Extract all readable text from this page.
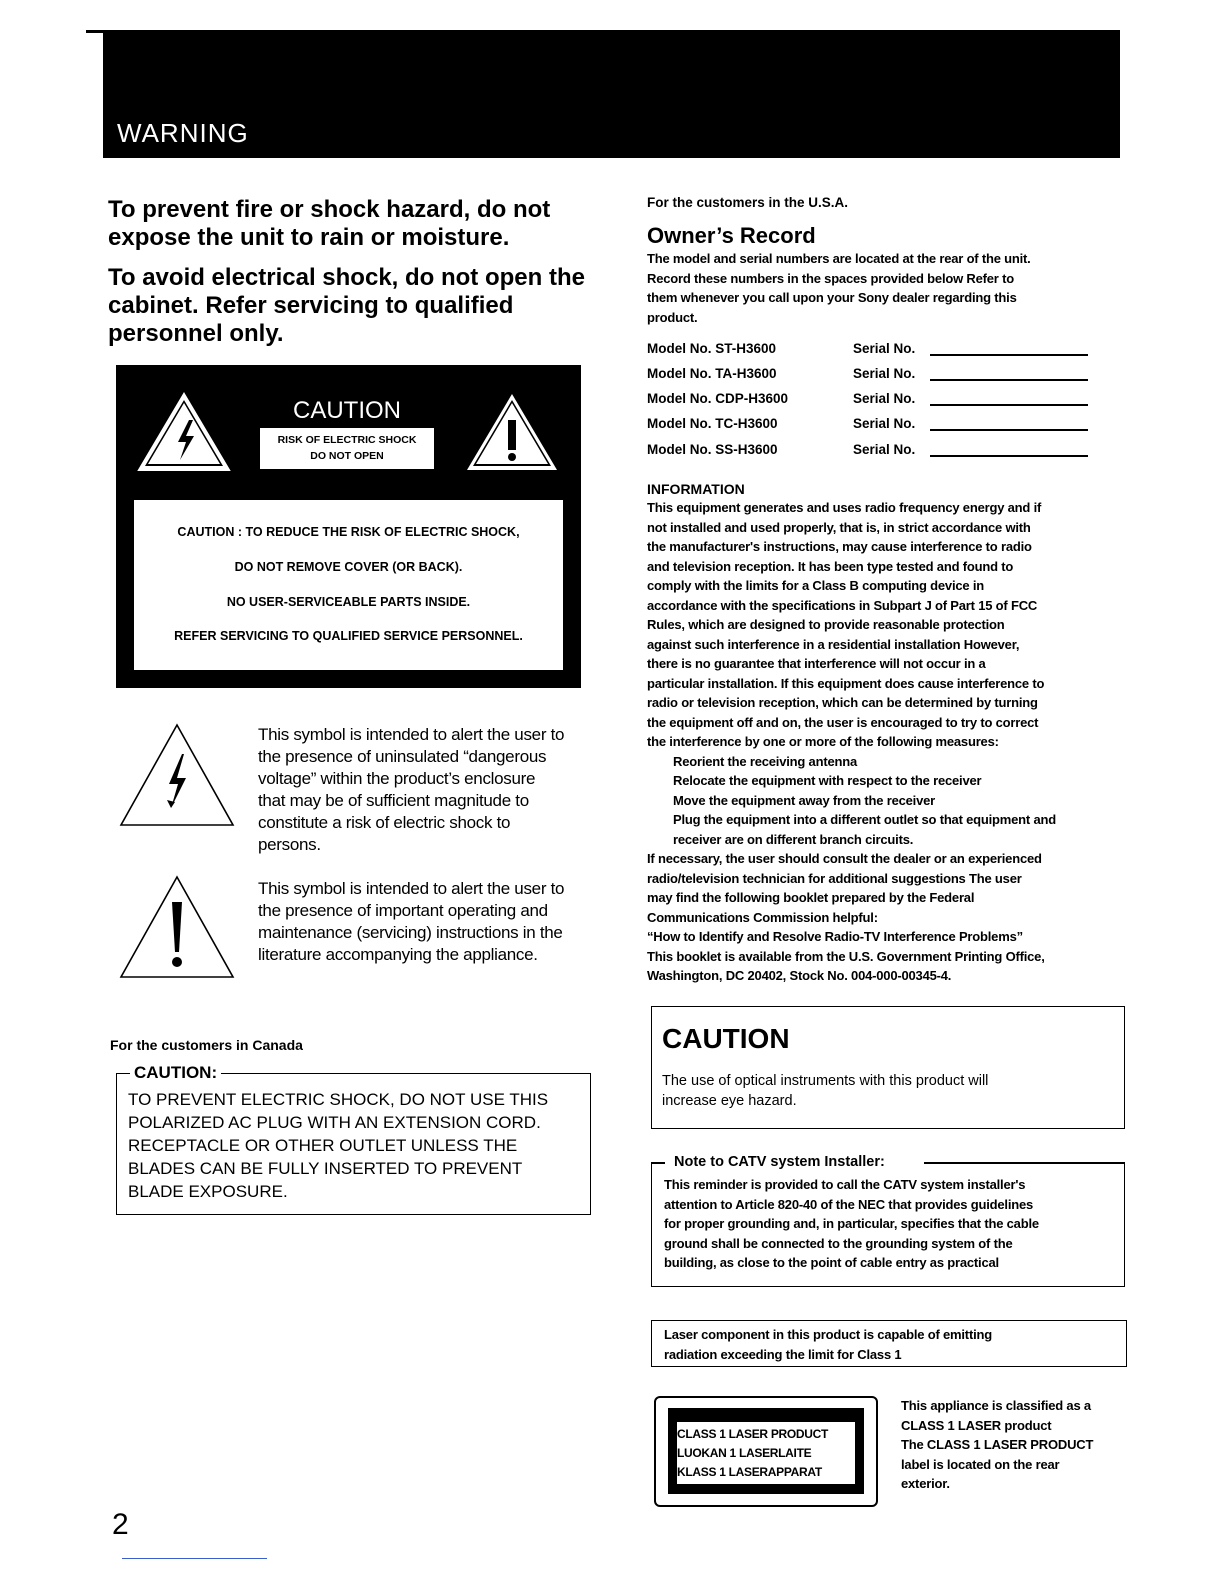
WARNING
To prevent fire or shock hazard, do not
expose the unit to rain or moisture.
To avoid electrical shock, do not open the
cabinet. Refer servicing to qualified
personnel only.
CAUTION
RISK OF ELECTRIC SHOCK
DO NOT OPEN
CAUTION : TO REDUCE THE RISK OF ELECTRIC SHOCK,
DO NOT REMOVE COVER (OR BACK).
NO USER-SERVICEABLE PARTS INSIDE.
REFER SERVICING TO QUALIFIED SERVICE PERSONNEL.
This symbol is intended to alert the user to
the presence of uninsulated “dangerous
voltage” within the product’s enclosure
that may be of sufficient magnitude to
constitute a risk of electric shock to
persons.
This symbol is intended to alert the user to
the presence of important operating and
maintenance (servicing) instructions in the
literature accompanying the appliance.
For the customers in Canada
CAUTION:
TO PREVENT ELECTRIC SHOCK, DO NOT USE THIS
POLARIZED AC PLUG WITH AN EXTENSION CORD.
RECEPTACLE OR OTHER OUTLET UNLESS THE
BLADES CAN BE FULLY INSERTED TO PREVENT
BLADE EXPOSURE.
2
For the customers in the U.S.A.
Owner’s Record
The model and serial numbers are located at the rear of the unit.
Record these numbers in the spaces provided below Refer to
them whenever you call upon your Sony dealer regarding this
product.
Model No. ST-H3600	Serial No.
Model No. TA-H3600	Serial No.
Model No. CDP-H3600	Serial No.
Model No. TC-H3600	Serial No.
Model No. SS-H3600	Serial No.
INFORMATION
This equipment generates and uses radio frequency energy and if
not installed and used properly, that is, in strict accordance with
the manufacturer's instructions, may cause interference to radio
and television reception. It has been type tested and found to
comply with the limits for a Class B computing device in
accordance with the specifications in Subpart J of Part 15 of FCC
Rules, which are designed to provide reasonable protection
against such interference in a residential installation However,
there is no guarantee that interference will not occur in a
particular installation. If this equipment does cause interference to
radio or television reception, which can be determined by turning
the equipment off and on, the user is encouraged to try to correct
the interference by one or more of the following measures:
Reorient the receiving antenna
Relocate the equipment with respect to the receiver
Move the equipment away from the receiver
Plug the equipment into a different outlet so that equipment and
receiver are on different branch circuits.
If necessary, the user should consult the dealer or an experienced
radio/television technician for additional suggestions The user
may find the following booklet prepared by the Federal
Communications Commission helpful:
“How to Identify and Resolve Radio-TV Interference Problems”
This booklet is available from the U.S. Government Printing Office,
Washington, DC 20402, Stock No. 004-000-00345-4.
CAUTION
The use of optical instruments with this product will
increase eye hazard.
Note to CATV system Installer:
This reminder is provided to call the CATV system installer's
attention to Article 820-40 of the NEC that provides guidelines
for proper grounding and, in particular, specifies that the cable
ground shall be connected to the grounding system of the
building, as close to the point of cable entry as practical
Laser component in this product is capable of emitting
radiation exceeding the limit for Class 1
CLASS 1 LASER PRODUCT
LUOKAN 1 LASERLAITE
KLASS 1 LASERAPPARAT
This appliance is classified as a
CLASS 1 LASER product
The CLASS 1 LASER PRODUCT
label is located on the rear
exterior.
